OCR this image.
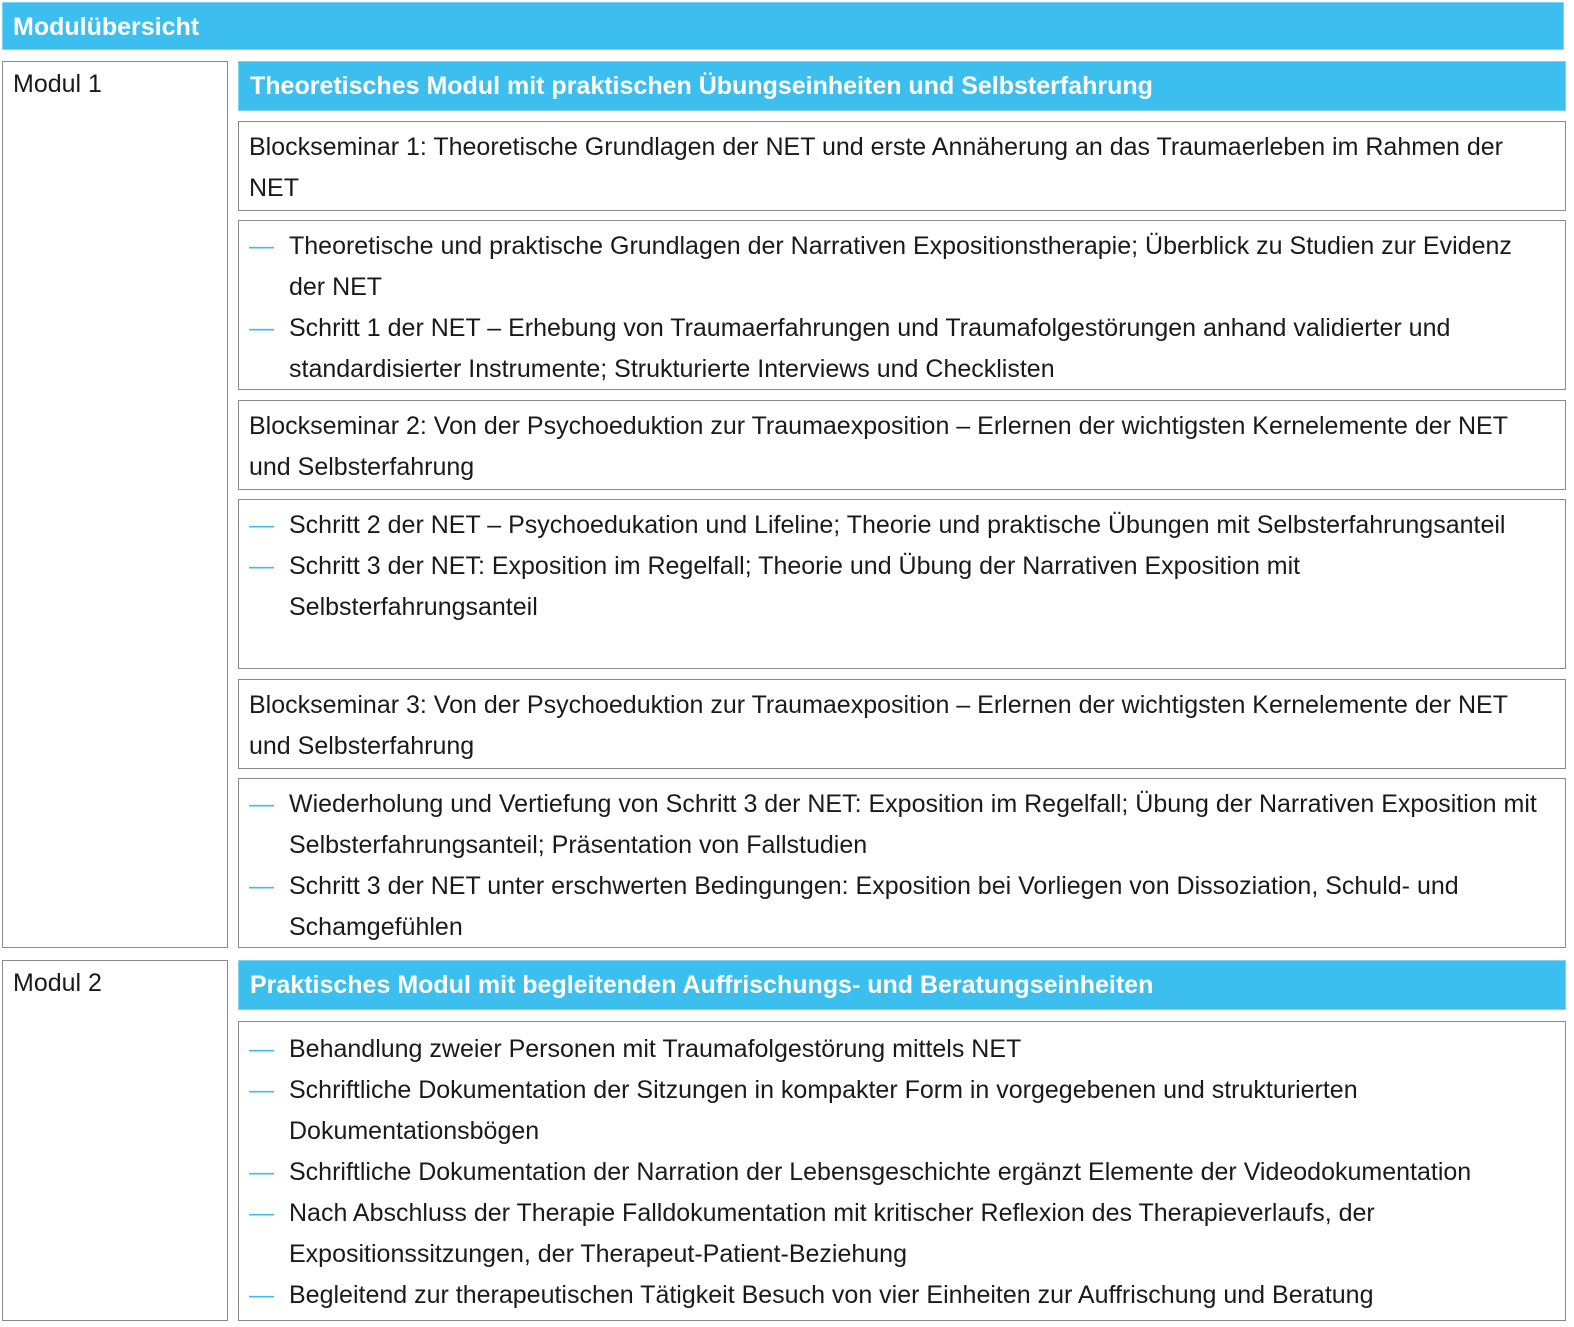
Modulübersicht
Modul 1	Theoretisches Modul mit praktischen Übungseinheiten und Selbsterfahrung
Blockseminar 1: Theoretische Grundlagen der NET und erste Annäherung an das Traumaerleben im Rahmen der NET
— Theoretische und praktische Grundlagen der Narrativen Expositionstherapie; Überblick zu Studien zur Evidenz der NET
— Schritt 1 der NET – Erhebung von Traumaerfahrungen und Traumafolgestörungen anhand validierter und standardisierter Instrumente; Strukturierte Interviews und Checklisten
Blockseminar 2: Von der Psychoeduktion zur Traumaexposition – Erlernen der wichtigsten Kernelemente der NET und Selbsterfahrung
— Schritt 2 der NET – Psychoedukation und Lifeline; Theorie und praktische Übungen mit Selbsterfahrungsanteil
— Schritt 3 der NET: Exposition im Regelfall; Theorie und Übung der Narrativen Exposition mit Selbsterfahrungsanteil
Blockseminar 3: Von der Psychoeduktion zur Traumaexposition – Erlernen der wichtigsten Kernelemente der NET und Selbsterfahrung
— Wiederholung und Vertiefung von Schritt 3 der NET: Exposition im Regelfall; Übung der Narrativen Exposition mit Selbsterfahrungsanteil; Präsentation von Fallstudien
— Schritt 3 der NET unter erschwerten Bedingungen: Exposition bei Vorliegen von Dissoziation, Schuld- und Schamgefühlen
Modul 2	Praktisches Modul mit begleitenden Auffrischungs- und Beratungseinheiten
— Behandlung zweier Personen mit Traumafolgestörung mittels NET
— Schriftliche Dokumentation der Sitzungen in kompakter Form in vorgegebenen und strukturierten Dokumentationsbögen
— Schriftliche Dokumentation der Narration der Lebensgeschichte ergänzt Elemente der Videodokumentation
— Nach Abschluss der Therapie Falldokumentation mit kritischer Reflexion des Therapieverlaufs, der Expositionssitzungen, der Therapeut-Patient-Beziehung
— Begleitend zur therapeutischen Tätigkeit Besuch von vier Einheiten zur Auffrischung und Beratung
